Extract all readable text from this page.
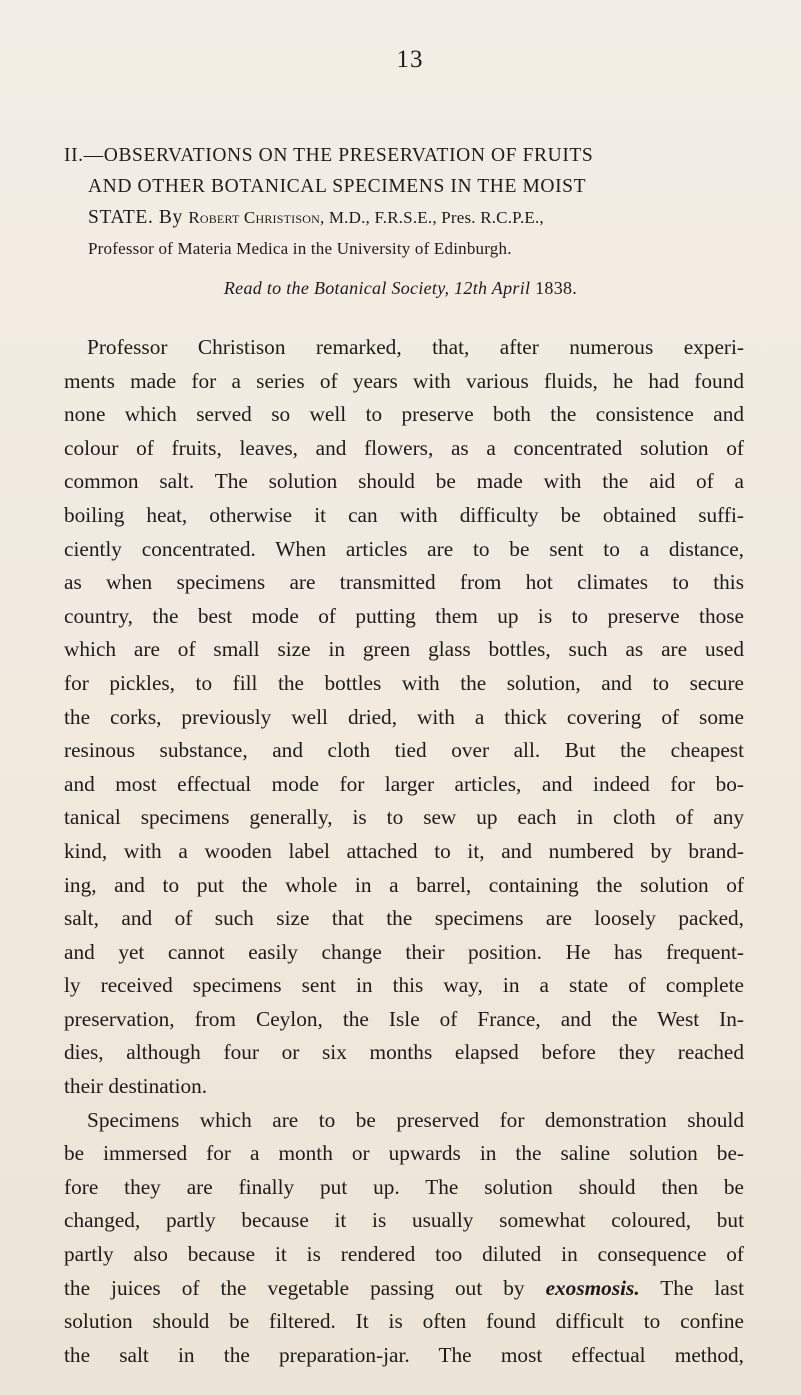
13
II.—OBSERVATIONS ON THE PRESERVATION OF FRUITS
AND OTHER BOTANICAL SPECIMENS IN THE MOIST
STATE. By Robert Christison, M.D., F.R.S.E., Pres. R.C.P.E.,
Professor of Materia Medica in the University of Edinburgh.
Read to the Botanical Society, 12th April 1838.
Professor Christison remarked, that, after numerous experi-
ments made for a series of years with various fluids, he had found
none which served so well to preserve both the consistence and
colour of fruits, leaves, and flowers, as a concentrated solution of
common salt. The solution should be made with the aid of a
boiling heat, otherwise it can with difficulty be obtained suffi-
ciently concentrated. When articles are to be sent to a distance,
as when specimens are transmitted from hot climates to this
country, the best mode of putting them up is to preserve those
which are of small size in green glass bottles, such as are used
for pickles, to fill the bottles with the solution, and to secure
the corks, previously well dried, with a thick covering of some
resinous substance, and cloth tied over all. But the cheapest
and most effectual mode for larger articles, and indeed for bo-
tanical specimens generally, is to sew up each in cloth of any
kind, with a wooden label attached to it, and numbered by brand-
ing, and to put the whole in a barrel, containing the solution of
salt, and of such size that the specimens are loosely packed,
and yet cannot easily change their position. He has frequent-
ly received specimens sent in this way, in a state of complete
preservation, from Ceylon, the Isle of France, and the West In-
dies, although four or six months elapsed before they reached
their destination.
Specimens which are to be preserved for demonstration should
be immersed for a month or upwards in the saline solution be-
fore they are finally put up. The solution should then be
changed, partly because it is usually somewhat coloured, but
partly also because it is rendered too diluted in consequence of
the juices of the vegetable passing out by exosmosis. The last
solution should be filtered. It is often found difficult to confine
the salt in the preparation-jar. The most effectual method,
